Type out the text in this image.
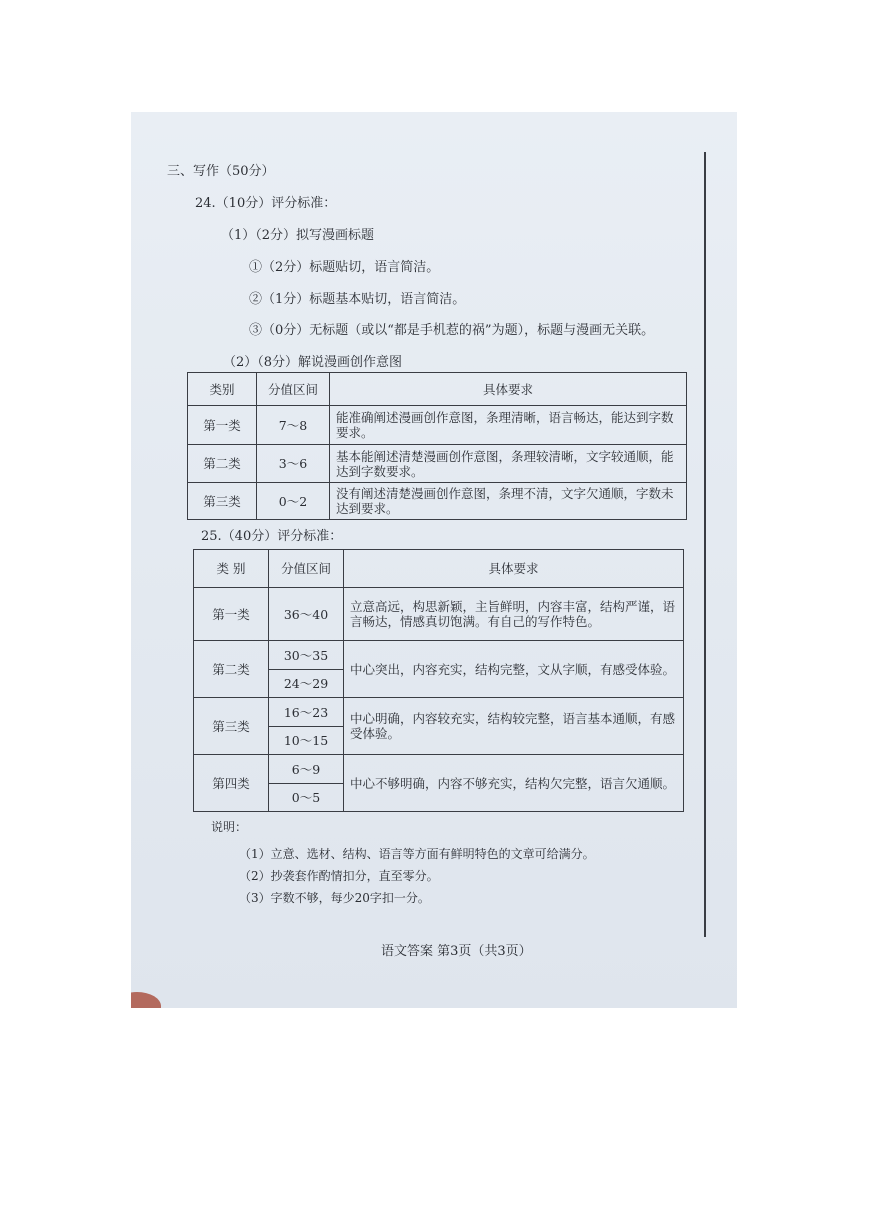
三、写作（50分）
24.（10分）评分标准：
（1）（2分）拟写漫画标题
①（2分）标题贴切，语言简洁。
②（1分）标题基本贴切，语言简洁。
③（0分）无标题（或以“都是手机惹的祸”为题），标题与漫画无关联。
（2）（8分）解说漫画创作意图
类别	分值区间	具体要求
第一类	7～8	能准确阐述漫画创作意图，条理清晰，语言畅达，能达到字数要求。
第二类	3～6	基本能阐述清楚漫画创作意图，条理较清晰，文字较通顺，能达到字数要求。
第三类	0～2	没有阐述清楚漫画创作意图，条理不清，文字欠通顺，字数未达到要求。
25.（40分）评分标准：
类 别	分值区间	具体要求
第一类	36～40	立意高远，构思新颖，主旨鲜明，内容丰富，结构严谨，语言畅达，情感真切饱满。有自己的写作特色。
第二类	30～35	中心突出，内容充实，结构完整，文从字顺，有感受体验。
	24～29	
第三类	16～23	中心明确，内容较充实，结构较完整，语言基本通顺，有感受体验。
	10～15	
第四类	6～9	中心不够明确，内容不够充实，结构欠完整，语言欠通顺。
	0～5	
说明：
（1）立意、选材、结构、语言等方面有鲜明特色的文章可给满分。
（2）抄袭套作酌情扣分，直至零分。
（3）字数不够，每少20字扣一分。
语文答案 第3页（共3页）
